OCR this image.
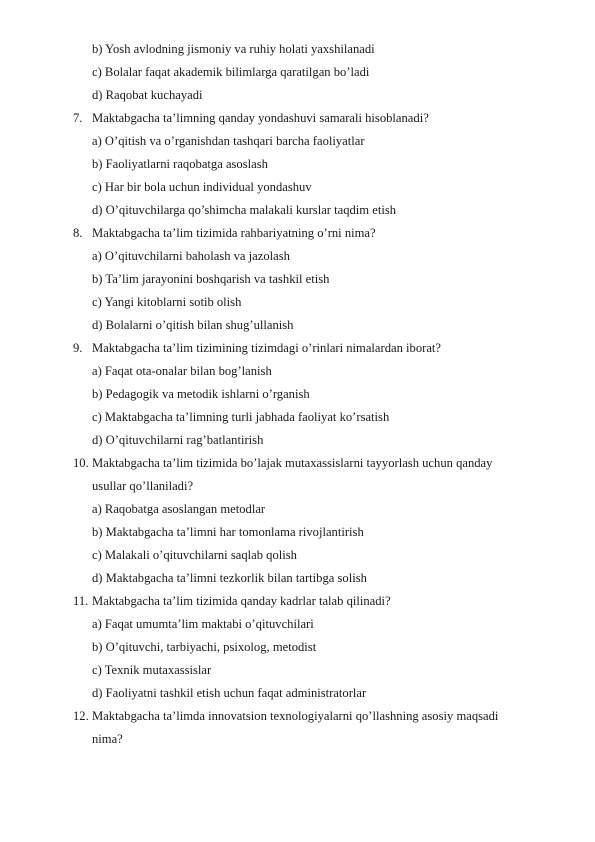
b) Yosh avlodning jismoniy va ruhiy holati yaxshilanadi
c) Bolalar faqat akademik bilimlarga qaratilgan bo’ladi
d) Raqobat kuchayadi
7. Maktabgacha ta’limning qanday yondashuvi samarali hisoblanadi?
a) O’qitish va o’rganishdan tashqari barcha faoliyatlar
b) Faoliyatlarni raqobatga asoslash
c) Har bir bola uchun individual yondashuv
d) O’qituvchilarga qo’shimcha malakali kurslar taqdim etish
8. Maktabgacha ta’lim tizimida rahbariyatning o’rni nima?
a) O’qituvchilarni baholash va jazolash
b) Ta’lim jarayonini boshqarish va tashkil etish
c) Yangi kitoblarni sotib olish
d) Bolalarni o’qitish bilan shug’ullanish
9. Maktabgacha ta’lim tizimining tizimdagi o’rinlari nimalardan iborat?
a) Faqat ota-onalar bilan bog’lanish
b) Pedagogik va metodik ishlarni o’rganish
c) Maktabgacha ta’limning turli jabhada faoliyat ko’rsatish
d) O’qituvchilarni rag’batlantirish
10. Maktabgacha ta’lim tizimida bo’lajak mutaxassislarni tayyorlash uchun qanday
usullar qo’llaniladi?
a) Raqobatga asoslangan metodlar
b) Maktabgacha ta’limni har tomonlama rivojlantirish
c) Malakali o’qituvchilarni saqlab qolish
d) Maktabgacha ta’limni tezkorlik bilan tartibga solish
11. Maktabgacha ta’lim tizimida qanday kadrlar talab qilinadi?
a) Faqat umumta’lim maktabi o’qituvchilari
b) O’qituvchi, tarbiyachi, psixolog, metodist
c) Texnik mutaxassislar
d) Faoliyatni tashkil etish uchun faqat administratorlar
12. Maktabgacha ta’limda innovatsion texnologiyalarni qo’llashning asosiy maqsadi
nima?
